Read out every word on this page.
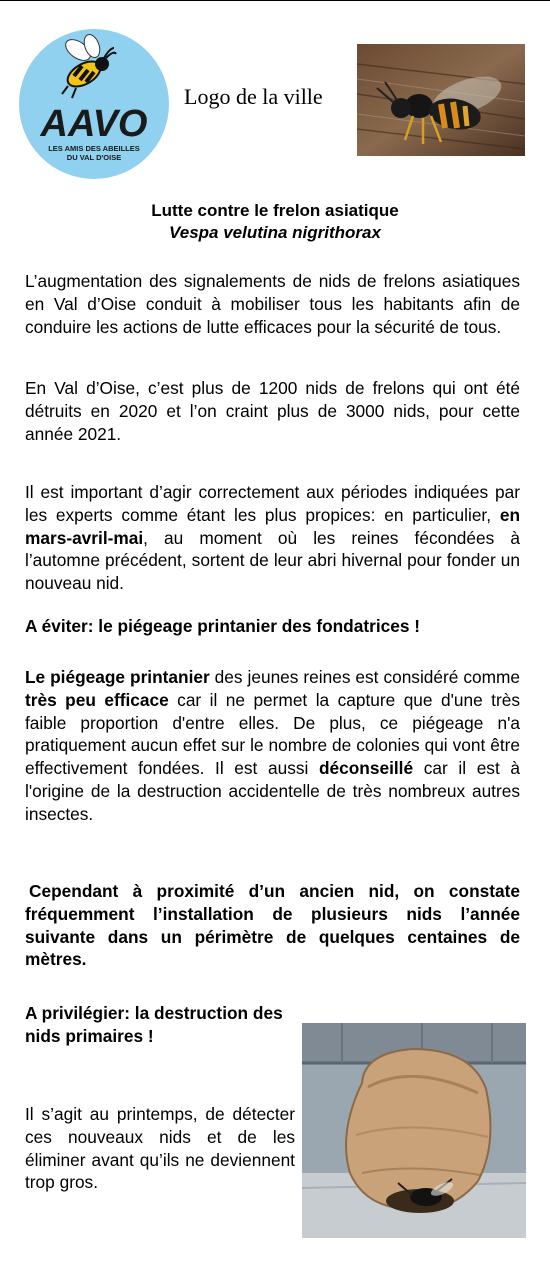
AAVO
LES AMIS DES ABEILLES
DU VAL D'OISE
Logo de la ville
Lutte contre le frelon asiatique
Vespa velutina nigrithorax

L’augmentation des signalements de nids de frelons asiatiques en Val d’Oise conduit à mobiliser tous les habitants afin de conduire les actions de lutte efficaces pour la sécurité de tous.

En Val d’Oise, c’est plus de 1200 nids de frelons qui ont été détruits en 2020 et l’on craint plus de 3000 nids, pour cette année 2021.

Il est important d’agir correctement aux périodes indiquées par les experts comme étant les plus propices: en particulier, en mars-avril-mai, au moment où les reines fécondées à l’automne précédent, sortent de leur abri hivernal pour fonder un nouveau nid.

A éviter: le piégeage printanier des fondatrices !

Le piégeage printanier des jeunes reines est considéré comme très peu efficace car il ne permet la capture que d'une très faible proportion d'entre elles. De plus, ce piégeage n'a pratiquement aucun effet sur le nombre de colonies qui vont être effectivement fondées. Il est aussi déconseillé car il est à l'origine de la destruction accidentelle de très nombreux autres insectes.

Cependant à proximité d’un ancien nid, on constate fréquemment l’installation de plusieurs nids l’année suivante dans un périmètre de quelques centaines de mètres.

A privilégier: la destruction des nids primaires !

Il s’agit au printemps, de détecter ces nouveaux nids et de les éliminer avant qu’ils ne deviennent trop gros.
